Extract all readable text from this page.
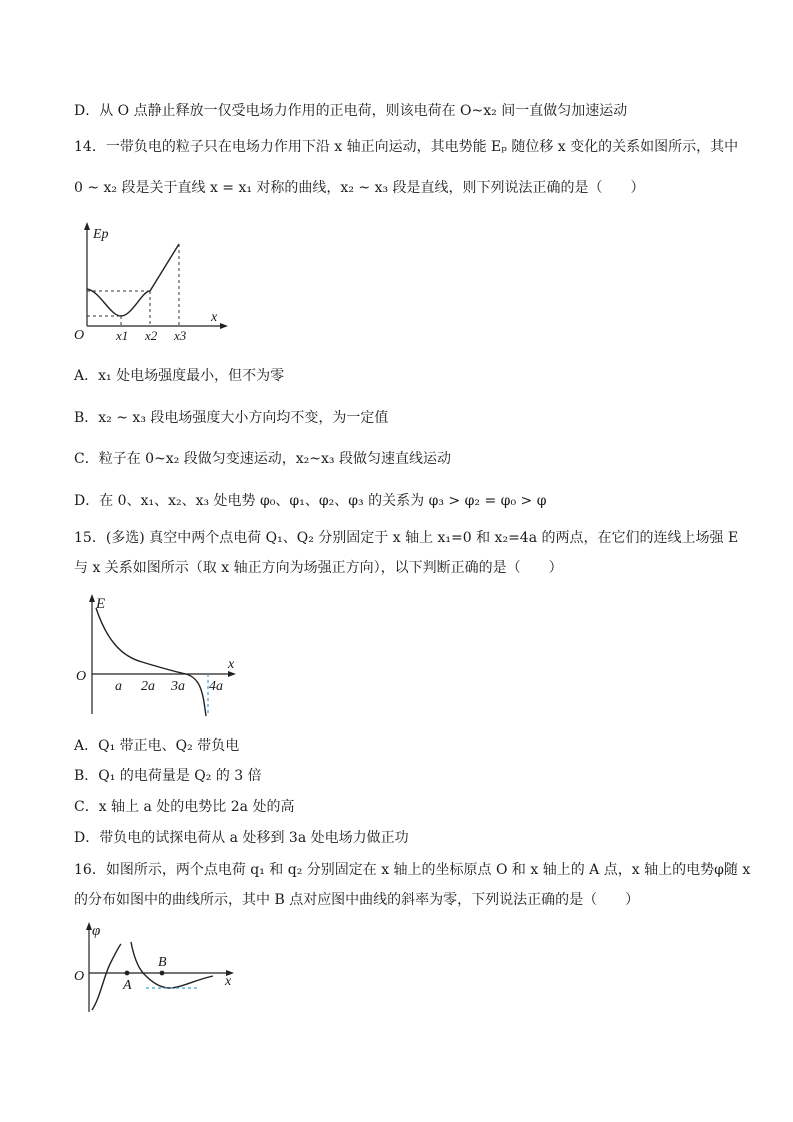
D．从 O 点静止释放一仅受电场力作用的正电荷，则该电荷在 O~x₂ 间一直做匀加速运动
14．一带负电的粒子只在电场力作用下沿 x 轴正向运动，其电势能 Eₚ 随位移 x 变化的关系如图所示，其中
0 ~ x₂ 段是关于直线 x = x₁ 对称的曲线，x₂ ~ x₃ 段是直线，则下列说法正确的是（　　）
Ep
O
x
x1 x2 x3
A．x₁ 处电场强度最小，但不为零
B．x₂ ~ x₃ 段电场强度大小方向均不变，为一定值
C．粒子在 0~x₂ 段做匀变速运动，x₂~x₃ 段做匀速直线运动
D．在 0、x₁、x₂、x₃ 处电势 φ₀、φ₁、φ₂、φ₃ 的关系为 φ₃ > φ₂ = φ₀ > φ
15．(多选) 真空中两个点电荷 Q₁、Q₂ 分别固定于 x 轴上 x₁=0 和 x₂=4a 的两点，在它们的连线上场强 E
与 x 关系如图所示（取 x 轴正方向为场强正方向），以下判断正确的是（　　）
E
O
x
a 2a 3a 4a
A．Q₁ 带正电、Q₂ 带负电
B．Q₁ 的电荷量是 Q₂ 的 3 倍
C．x 轴上 a 处的电势比 2a 处的高
D．带负电的试探电荷从 a 处移到 3a 处电场力做正功
16．如图所示，两个点电荷 q₁ 和 q₂ 分别固定在 x 轴上的坐标原点 O 和 x 轴上的 A 点，x 轴上的电势φ随 x
的分布如图中的曲线所示，其中 B 点对应图中曲线的斜率为零，下列说法正确的是（　　）
φ
O	x
A
B
